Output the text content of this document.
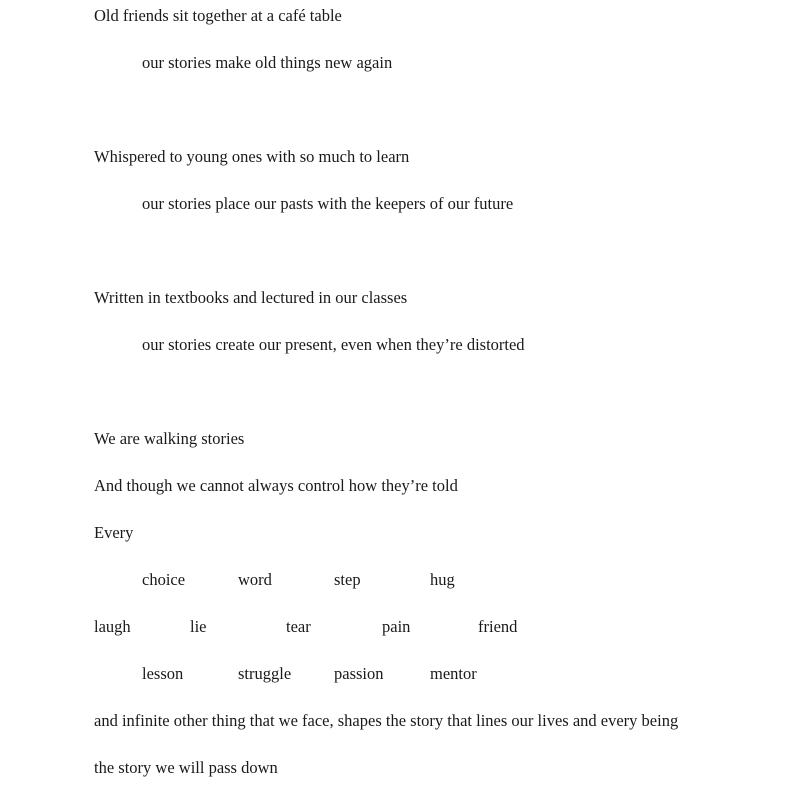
Old friends sit together at a café table
our stories make old things new again
Whispered to young ones with so much to learn
our stories place our pasts with the keepers of our future
Written in textbooks and lectured in our classes
our stories create our present, even when they’re distorted
We are walking stories
And though we cannot always control how they’re told
Every
choice	word	step	hug
laugh	lie	tear	pain	friend
lesson	struggle	passion	mentor
and infinite other thing that we face, shapes the story that lines our lives and every being
the story we will pass down
